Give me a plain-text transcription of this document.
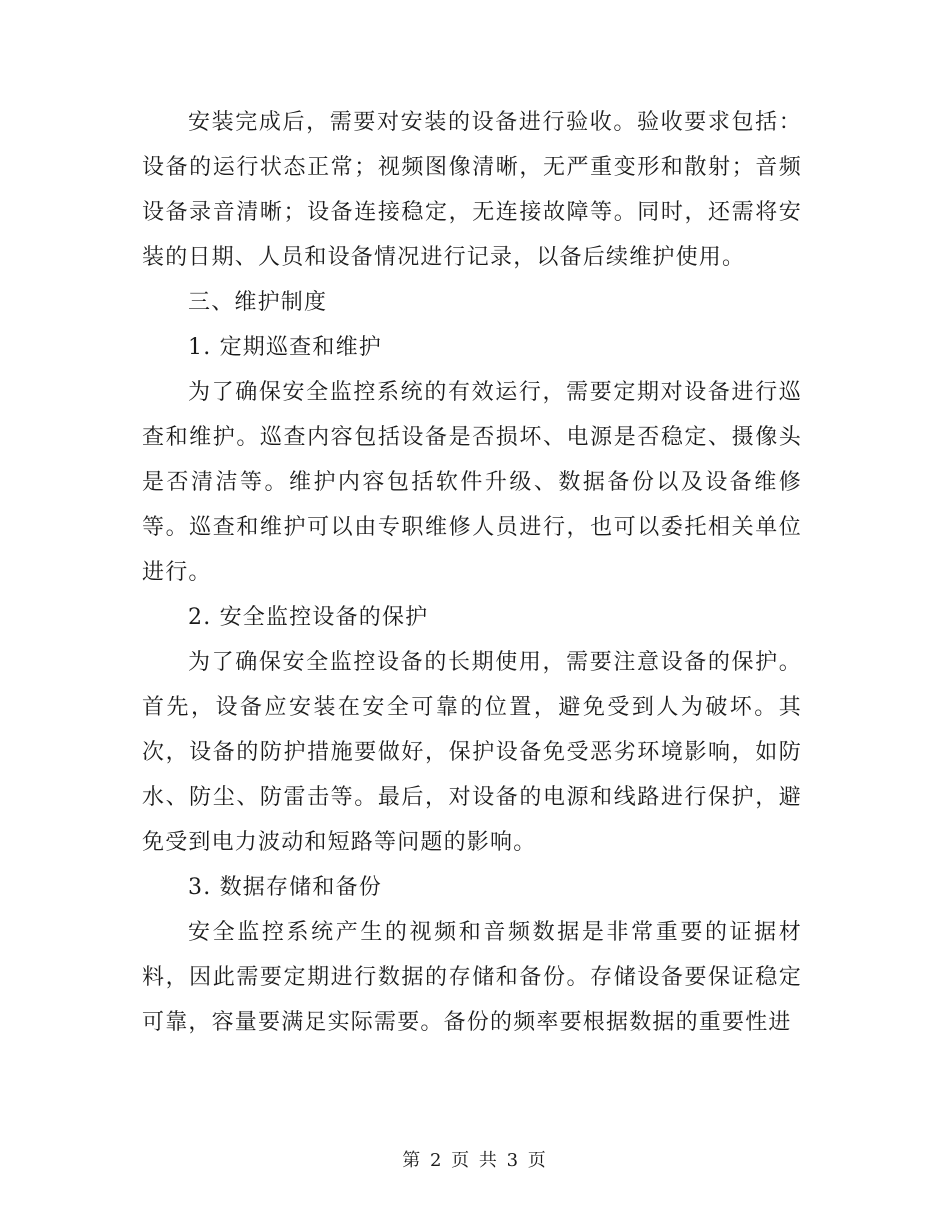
安装完成后，需要对安装的设备进行验收。验收要求包括：设备的运行状态正常；视频图像清晰，无严重变形和散射；音频设备录音清晰；设备连接稳定，无连接故障等。同时，还需将安装的日期、人员和设备情况进行记录，以备后续维护使用。

三、维护制度

1. 定期巡查和维护

为了确保安全监控系统的有效运行，需要定期对设备进行巡查和维护。巡查内容包括设备是否损坏、电源是否稳定、摄像头是否清洁等。维护内容包括软件升级、数据备份以及设备维修等。巡查和维护可以由专职维修人员进行，也可以委托相关单位进行。

2. 安全监控设备的保护

为了确保安全监控设备的长期使用，需要注意设备的保护。首先，设备应安装在安全可靠的位置，避免受到人为破坏。其次，设备的防护措施要做好，保护设备免受恶劣环境影响，如防水、防尘、防雷击等。最后，对设备的电源和线路进行保护，避免受到电力波动和短路等问题的影响。

3. 数据存储和备份

安全监控系统产生的视频和音频数据是非常重要的证据材料，因此需要定期进行数据的存储和备份。存储设备要保证稳定可靠，容量要满足实际需要。备份的频率要根据数据的重要性进

第 2 页 共 3 页
